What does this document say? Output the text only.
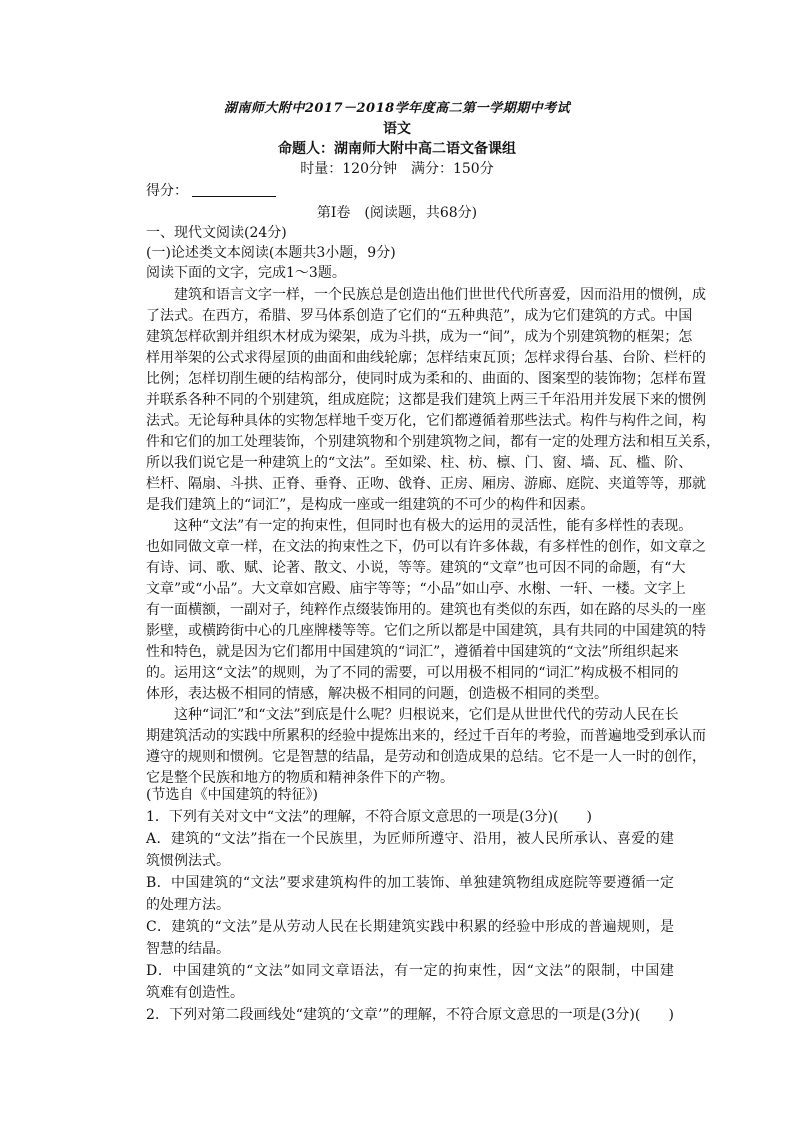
湖南师大附中2017－2018学年度高二第一学期期中考试
语文
命题人：湖南师大附中高二语文备课组
时量：120分钟　满分：150分
得分：
第Ⅰ卷　(阅读题，共68分)
一、现代文阅读(24分)
(一)论述类文本阅读(本题共3小题，9分)
阅读下面的文字，完成1～3题。
　　建筑和语言文字一样，一个民族总是创造出他们世世代代所喜爱，因而沿用的惯例，成
了法式。在西方，希腊、罗马体系创造了它们的“五种典范”，成为它们建筑的方式。中国
建筑怎样砍割并组织木材成为梁架，成为斗拱，成为一“间”，成为个别建筑物的框架；怎
样用举架的公式求得屋顶的曲面和曲线轮廓；怎样结束瓦顶；怎样求得台基、台阶、栏杆的
比例；怎样切削生硬的结构部分，使同时成为柔和的、曲面的、图案型的装饰物；怎样布置
并联系各种不同的个别建筑，组成庭院；这都是我们建筑上两三千年沿用并发展下来的惯例
法式。无论每种具体的实物怎样地千变万化，它们都遵循着那些法式。构件与构件之间，构
件和它们的加工处理装饰，个别建筑物和个别建筑物之间，都有一定的处理方法和相互关系，
所以我们说它是一种建筑上的“文法”。至如梁、柱、枋、檩、门、窗、墙、瓦、槛、阶、
栏杆、隔扇、斗拱、正脊、垂脊、正吻、戗脊、正房、厢房、游廊、庭院、夹道等等，那就
是我们建筑上的“词汇”，是构成一座或一组建筑的不可少的构件和因素。
　　这种“文法”有一定的拘束性，但同时也有极大的运用的灵活性，能有多样性的表现。
也如同做文章一样，在文法的拘束性之下，仍可以有许多体裁，有多样性的创作，如文章之
有诗、词、歌、赋、论著、散文、小说，等等。建筑的“文章”也可因不同的命题，有“大
文章”或“小品”。大文章如宫殿、庙宇等等；“小品”如山亭、水榭、一轩、一楼。文字上
有一面横额，一副对子，纯粹作点缀装饰用的。建筑也有类似的东西，如在路的尽头的一座
影壁，或横跨街中心的几座牌楼等等。它们之所以都是中国建筑，具有共同的中国建筑的特
性和特色，就是因为它们都用中国建筑的“词汇”，遵循着中国建筑的“文法”所组织起来
的。运用这“文法”的规则，为了不同的需要，可以用极不相同的“词汇”构成极不相同的
体形，表达极不相同的情感，解决极不相同的问题，创造极不相同的类型。
　　这种“词汇”和“文法”到底是什么呢？归根说来，它们是从世世代代的劳动人民在长
期建筑活动的实践中所累积的经验中提炼出来的，经过千百年的考验，而普遍地受到承认而
遵守的规则和惯例。它是智慧的结晶，是劳动和创造成果的总结。它不是一人一时的创作，
它是整个民族和地方的物质和精神条件下的产物。
(节选自《中国建筑的特征》)
1．下列有关对文中“文法”的理解，不符合原文意思的一项是(3分)(　　)
A．建筑的“文法”指在一个民族里，为匠师所遵守、沿用，被人民所承认、喜爱的建
筑惯例法式。
B．中国建筑的“文法”要求建筑构件的加工装饰、单独建筑物组成庭院等要遵循一定
的处理方法。
C．建筑的“文法”是从劳动人民在长期建筑实践中积累的经验中形成的普遍规则，是
智慧的结晶。
D．中国建筑的“文法”如同文章语法，有一定的拘束性，因“文法”的限制，中国建
筑难有创造性。
2．下列对第二段画线处“建筑的‘文章’”的理解，不符合原文意思的一项是(3分)(　　)
